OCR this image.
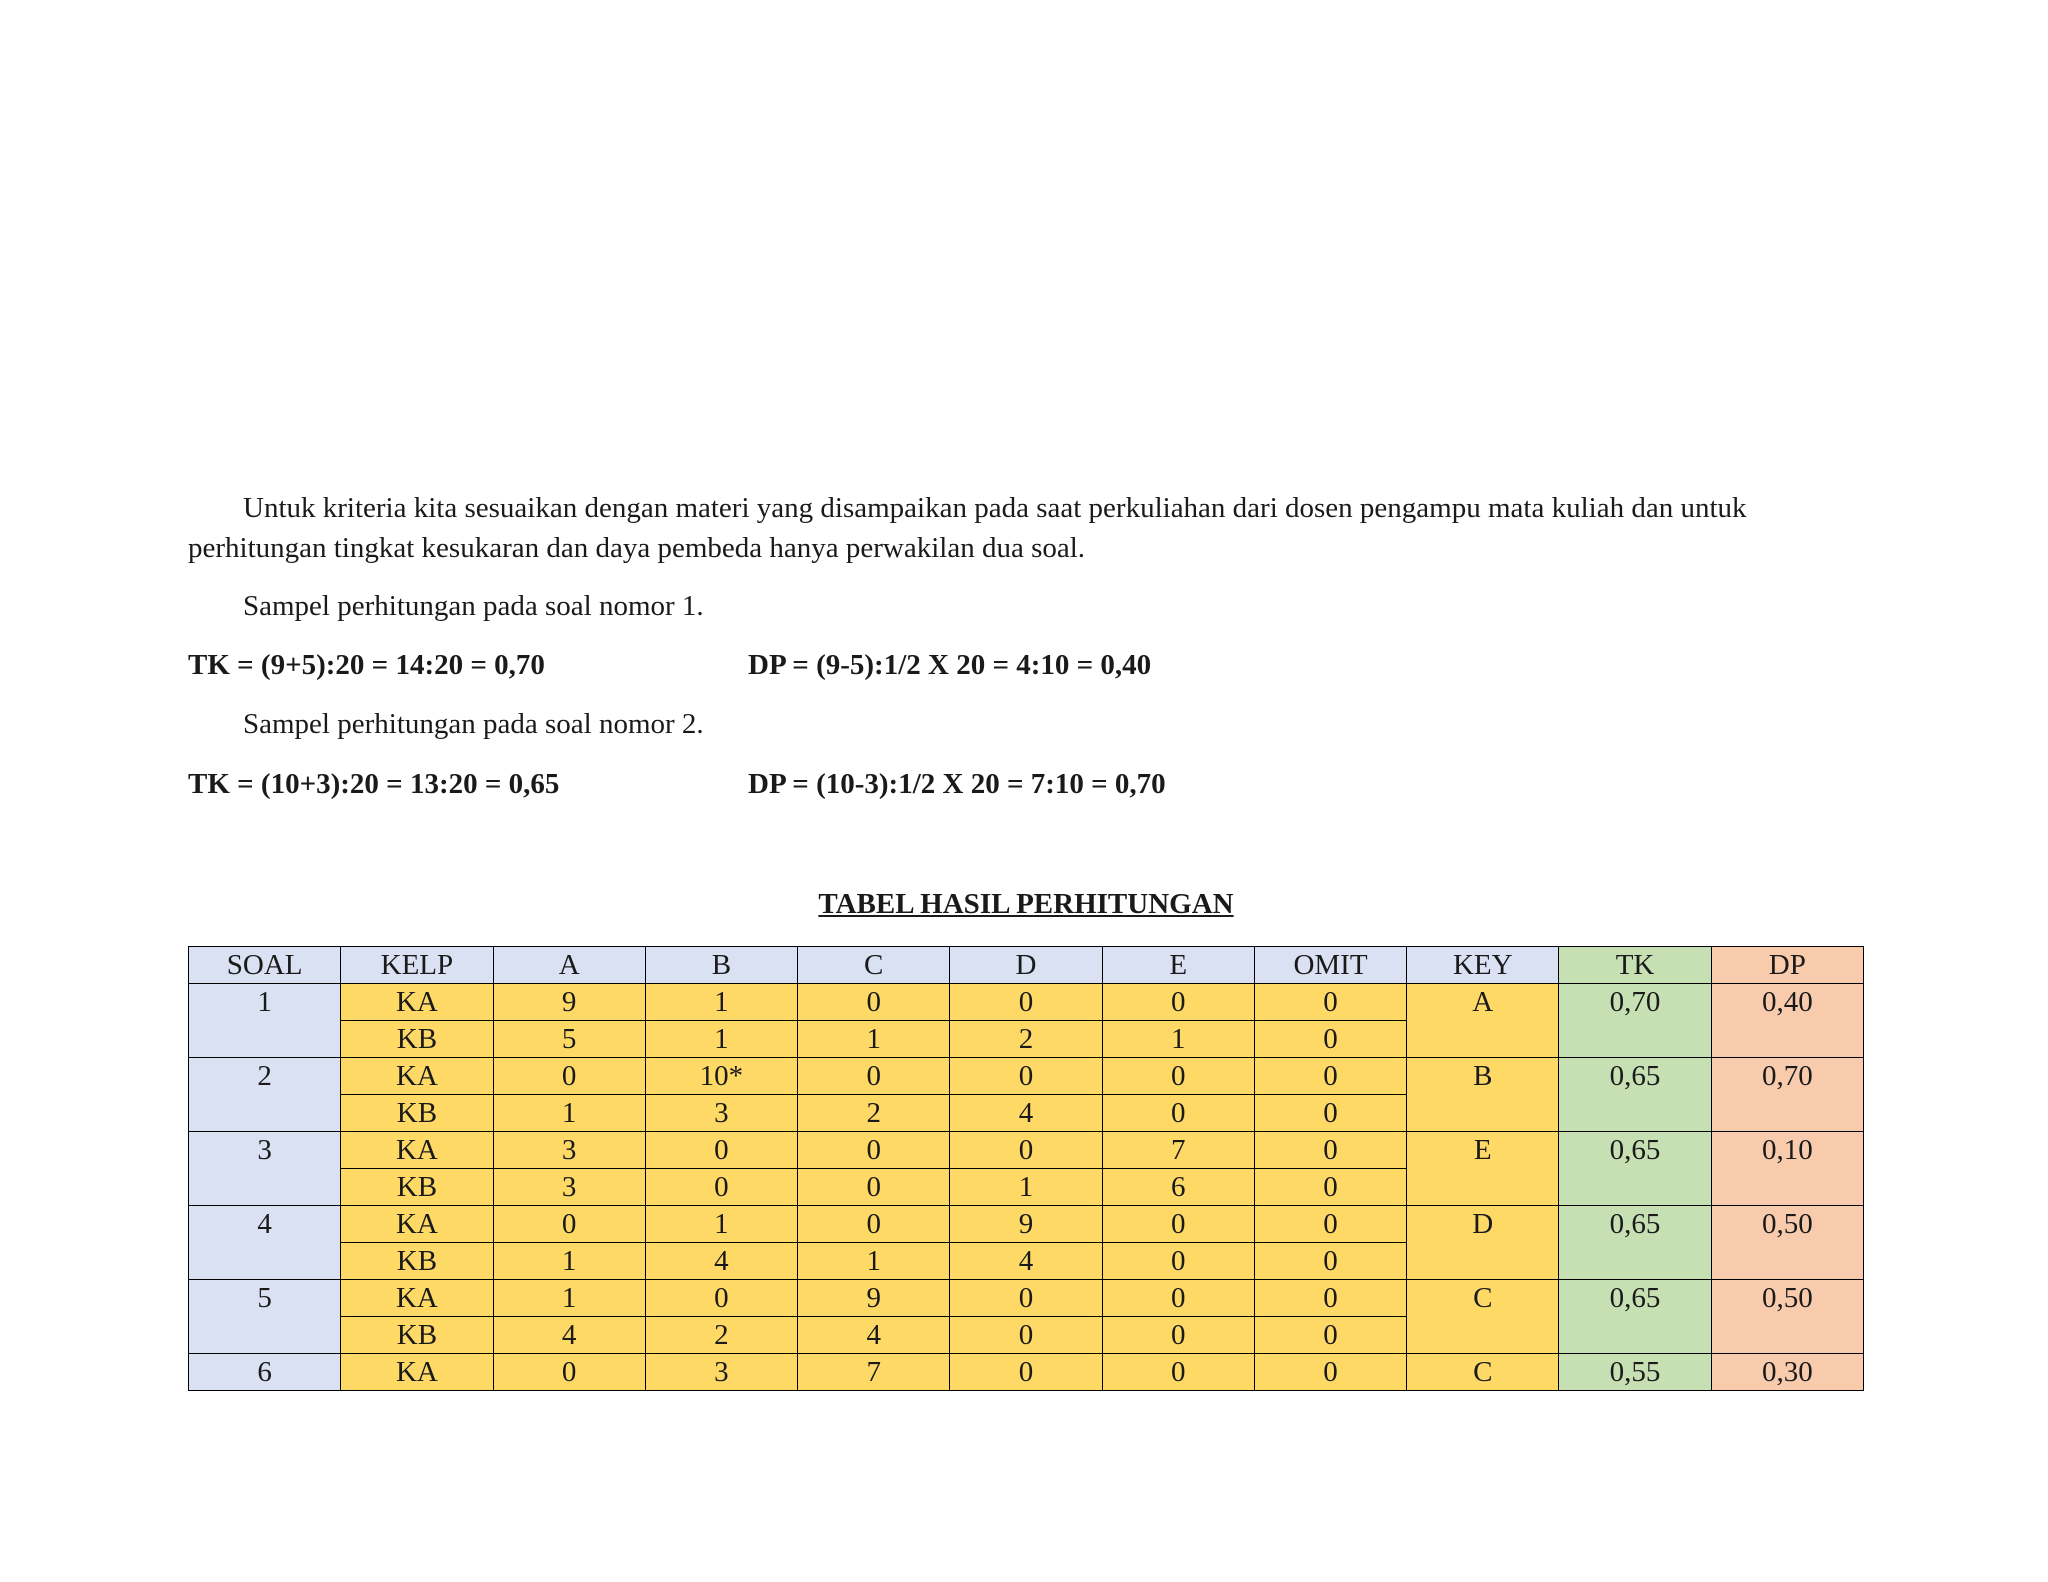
Untuk kriteria kita sesuaikan dengan materi yang disampaikan pada saat perkuliahan dari dosen pengampu mata kuliah dan untuk perhitungan tingkat kesukaran dan daya pembeda hanya perwakilan dua soal.

Sampel perhitungan pada soal nomor 1.

TK = (9+5):20 = 14:20 = 0,70	DP = (9-5):1/2 X 20 = 4:10 = 0,40

Sampel perhitungan pada soal nomor 2.

TK = (10+3):20 = 13:20 = 0,65	DP = (10-3):1/2 X 20 = 7:10 = 0,70
TABEL HASIL PERHITUNGAN
SOAL	KELP	A	B	C	D	E	OMIT	KEY	TK	DP
1	KA	9	1	0	0	0	0	A	0,70	0,40
	KB	5	1	1	2	1	0			
2	KA	0	10*	0	0	0	0	B	0,65	0,70
	KB	1	3	2	4	0	0			
3	KA	3	0	0	0	7	0	E	0,65	0,10
	KB	3	0	0	1	6	0			
4	KA	0	1	0	9	0	0	D	0,65	0,50
	KB	1	4	1	4	0	0			
5	KA	1	0	9	0	0	0	C	0,65	0,50
	KB	4	2	4	0	0	0			
6	KA	0	3	7	0	0	0	C	0,55	0,30
